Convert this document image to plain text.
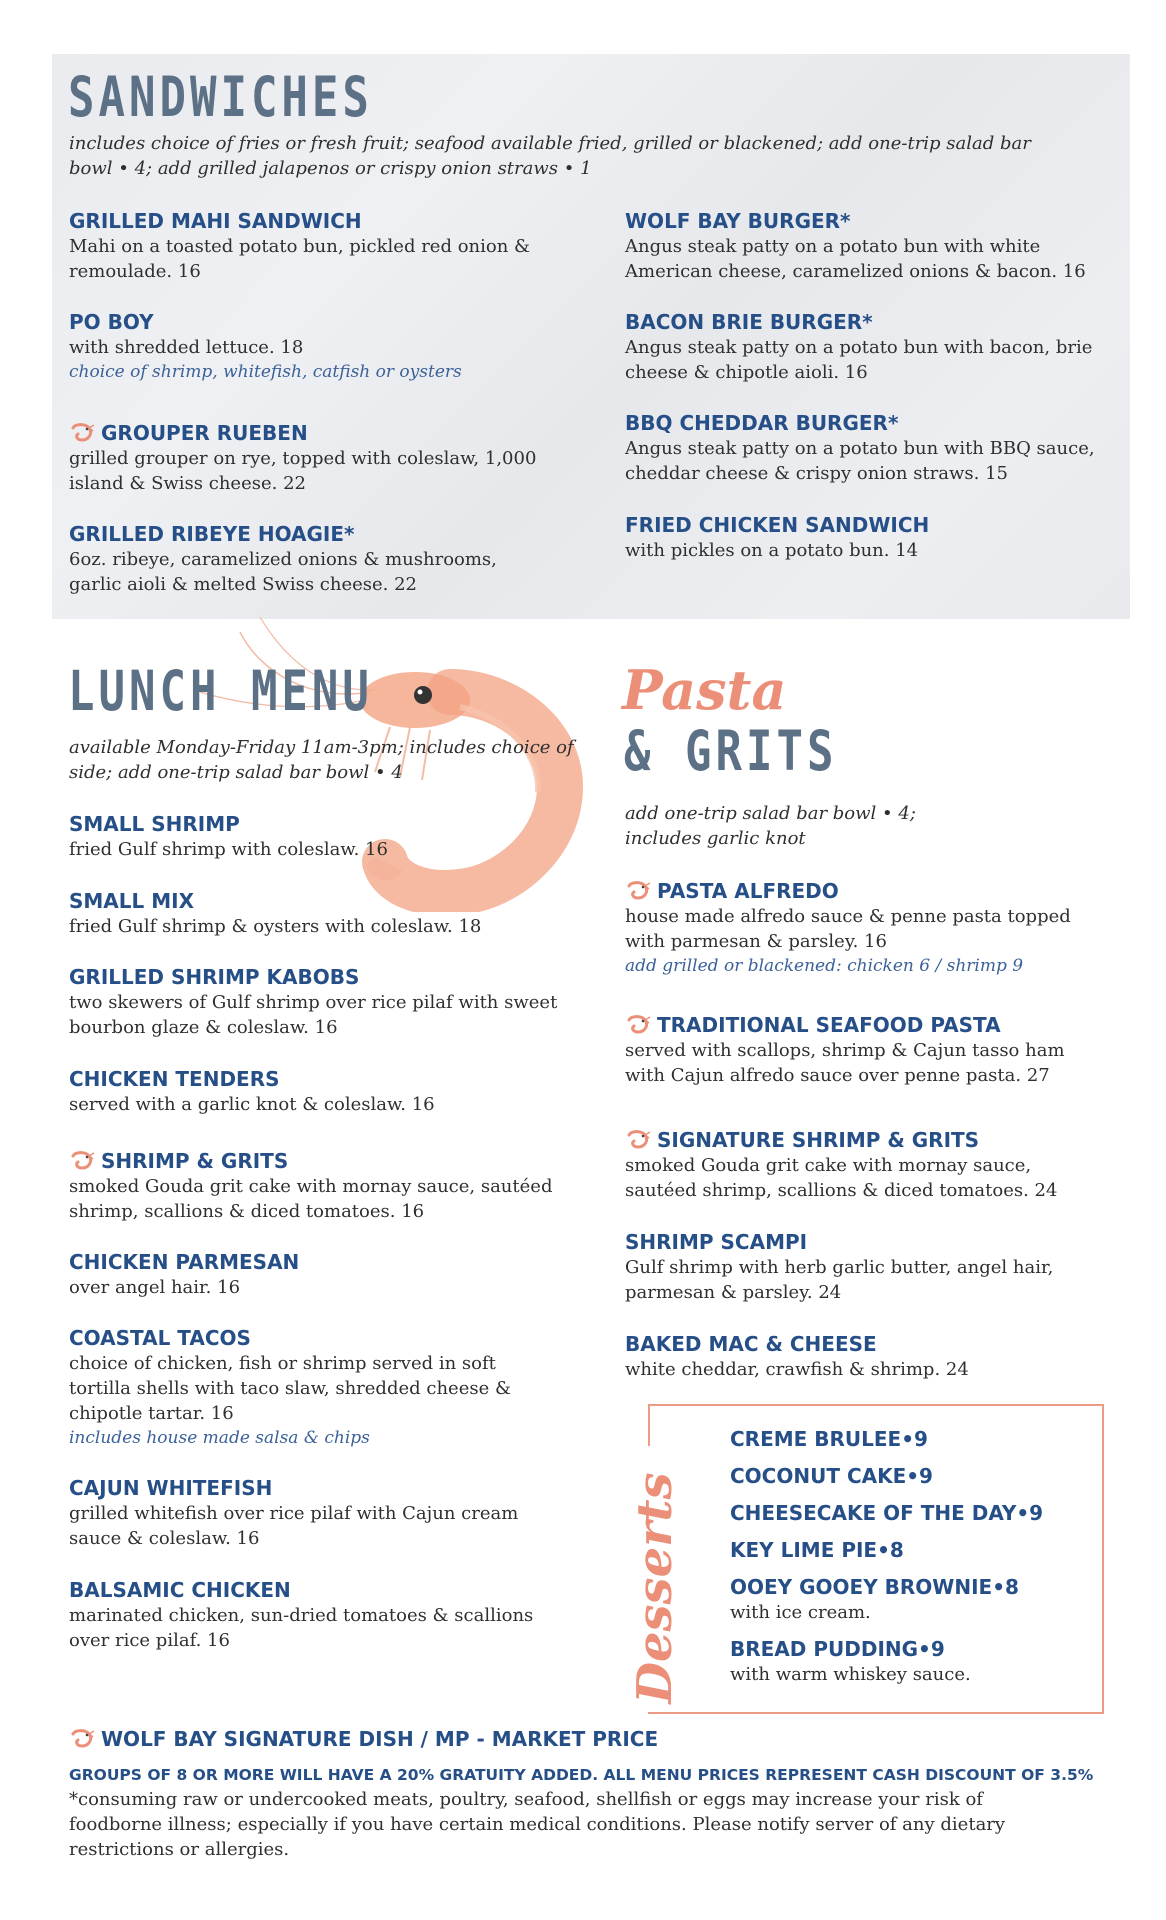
SANDWICHES
includes choice of fries or fresh fruit; seafood available fried, grilled or blackened; add one-trip salad bar bowl • 4; add grilled jalapenos or crispy onion straws • 1
GRILLED MAHI SANDWICH
Mahi on a toasted potato bun, pickled red onion & remoulade. 16
PO BOY
with shredded lettuce. 18
choice of shrimp, whitefish, catfish or oysters
GROUPER RUEBEN
grilled grouper on rye, topped with coleslaw, 1,000 island & Swiss cheese. 22
GRILLED RIBEYE HOAGIE*
6oz. ribeye, caramelized onions & mushrooms, garlic aioli & melted Swiss cheese. 22
WOLF BAY BURGER*
Angus steak patty on a potato bun with white American cheese, caramelized onions & bacon. 16
BACON BRIE BURGER*
Angus steak patty on a potato bun with bacon, brie cheese & chipotle aioli. 16
BBQ CHEDDAR BURGER*
Angus steak patty on a potato bun with BBQ sauce, cheddar cheese & crispy onion straws. 15
FRIED CHICKEN SANDWICH
with pickles on a potato bun. 14
LUNCH MENU
available Monday-Friday 11am-3pm; includes choice of side; add one-trip salad bar bowl • 4
SMALL SHRIMP
fried Gulf shrimp with coleslaw. 16
SMALL MIX
fried Gulf shrimp & oysters with coleslaw. 18
GRILLED SHRIMP KABOBS
two skewers of Gulf shrimp over rice pilaf with sweet bourbon glaze & coleslaw. 16
CHICKEN TENDERS
served with a garlic knot & coleslaw. 16
SHRIMP & GRITS
smoked Gouda grit cake with mornay sauce, sautéed shrimp, scallions & diced tomatoes. 16
CHICKEN PARMESAN
over angel hair. 16
COASTAL TACOS
choice of chicken, fish or shrimp served in soft tortilla shells with taco slaw, shredded cheese & chipotle tartar. 16
includes house made salsa & chips
CAJUN WHITEFISH
grilled whitefish over rice pilaf with Cajun cream sauce & coleslaw. 16
BALSAMIC CHICKEN
marinated chicken, sun-dried tomatoes & scallions over rice pilaf. 16
Pasta
& GRITS
add one-trip salad bar bowl • 4; includes garlic knot
PASTA ALFREDO
house made alfredo sauce & penne pasta topped with parmesan & parsley. 16
add grilled or blackened: chicken 6 / shrimp 9
TRADITIONAL SEAFOOD PASTA
served with scallops, shrimp & Cajun tasso ham with Cajun alfredo sauce over penne pasta. 27
SIGNATURE SHRIMP & GRITS
smoked Gouda grit cake with mornay sauce, sautéed shrimp, scallions & diced tomatoes. 24
SHRIMP SCAMPI
Gulf shrimp with herb garlic butter, angel hair, parmesan & parsley. 24
BAKED MAC & CHEESE
white cheddar, crawfish & shrimp. 24
Desserts
CREME BRULEE•9
COCONUT CAKE•9
CHEESECAKE OF THE DAY•9
KEY LIME PIE•8
OOEY GOOEY BROWNIE•8
with ice cream.
BREAD PUDDING•9
with warm whiskey sauce.
WOLF BAY SIGNATURE DISH / MP - MARKET PRICE
GROUPS OF 8 OR MORE WILL HAVE A 20% GRATUITY ADDED. ALL MENU PRICES REPRESENT CASH DISCOUNT OF 3.5%
*consuming raw or undercooked meats, poultry, seafood, shellfish or eggs may increase your risk of foodborne illness; especially if you have certain medical conditions. Please notify server of any dietary restrictions or allergies.
